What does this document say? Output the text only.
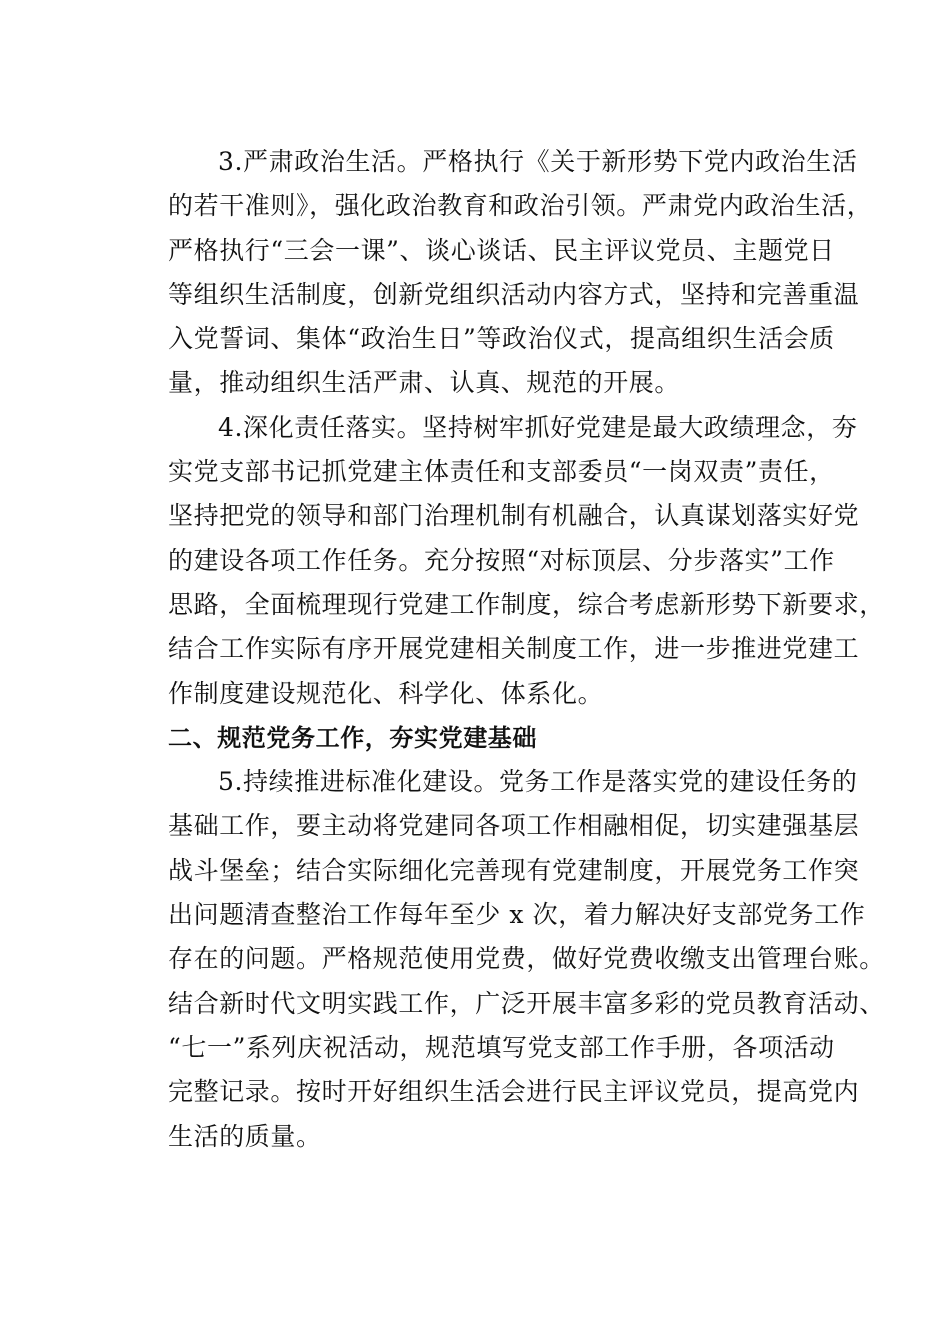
3.严肃政治生活。严格执行《关于新形势下党内政治生活
的若干准则》，强化政治教育和政治引领。严肃党内政治生活，
严格执行“三会一课”、谈心谈话、民主评议党员、主题党日
等组织生活制度，创新党组织活动内容方式，坚持和完善重温
入党誓词、集体“政治生日”等政治仪式，提高组织生活会质
量，推动组织生活严肃、认真、规范的开展。
4.深化责任落实。坚持树牢抓好党建是最大政绩理念，夯
实党支部书记抓党建主体责任和支部委员“一岗双责”责任，
坚持把党的领导和部门治理机制有机融合，认真谋划落实好党
的建设各项工作任务。充分按照“对标顶层、分步落实”工作
思路，全面梳理现行党建工作制度，综合考虑新形势下新要求，
结合工作实际有序开展党建相关制度工作，进一步推进党建工
作制度建设规范化、科学化、体系化。
二、规范党务工作，夯实党建基础
5.持续推进标准化建设。党务工作是落实党的建设任务的
基础工作，要主动将党建同各项工作相融相促，切实建强基层
战斗堡垒；结合实际细化完善现有党建制度，开展党务工作突
出问题清查整治工作每年至少 x 次，着力解决好支部党务工作
存在的问题。严格规范使用党费，做好党费收缴支出管理台账。
结合新时代文明实践工作，广泛开展丰富多彩的党员教育活动、
“七一”系列庆祝活动，规范填写党支部工作手册，各项活动
完整记录。按时开好组织生活会进行民主评议党员，提高党内
生活的质量。
